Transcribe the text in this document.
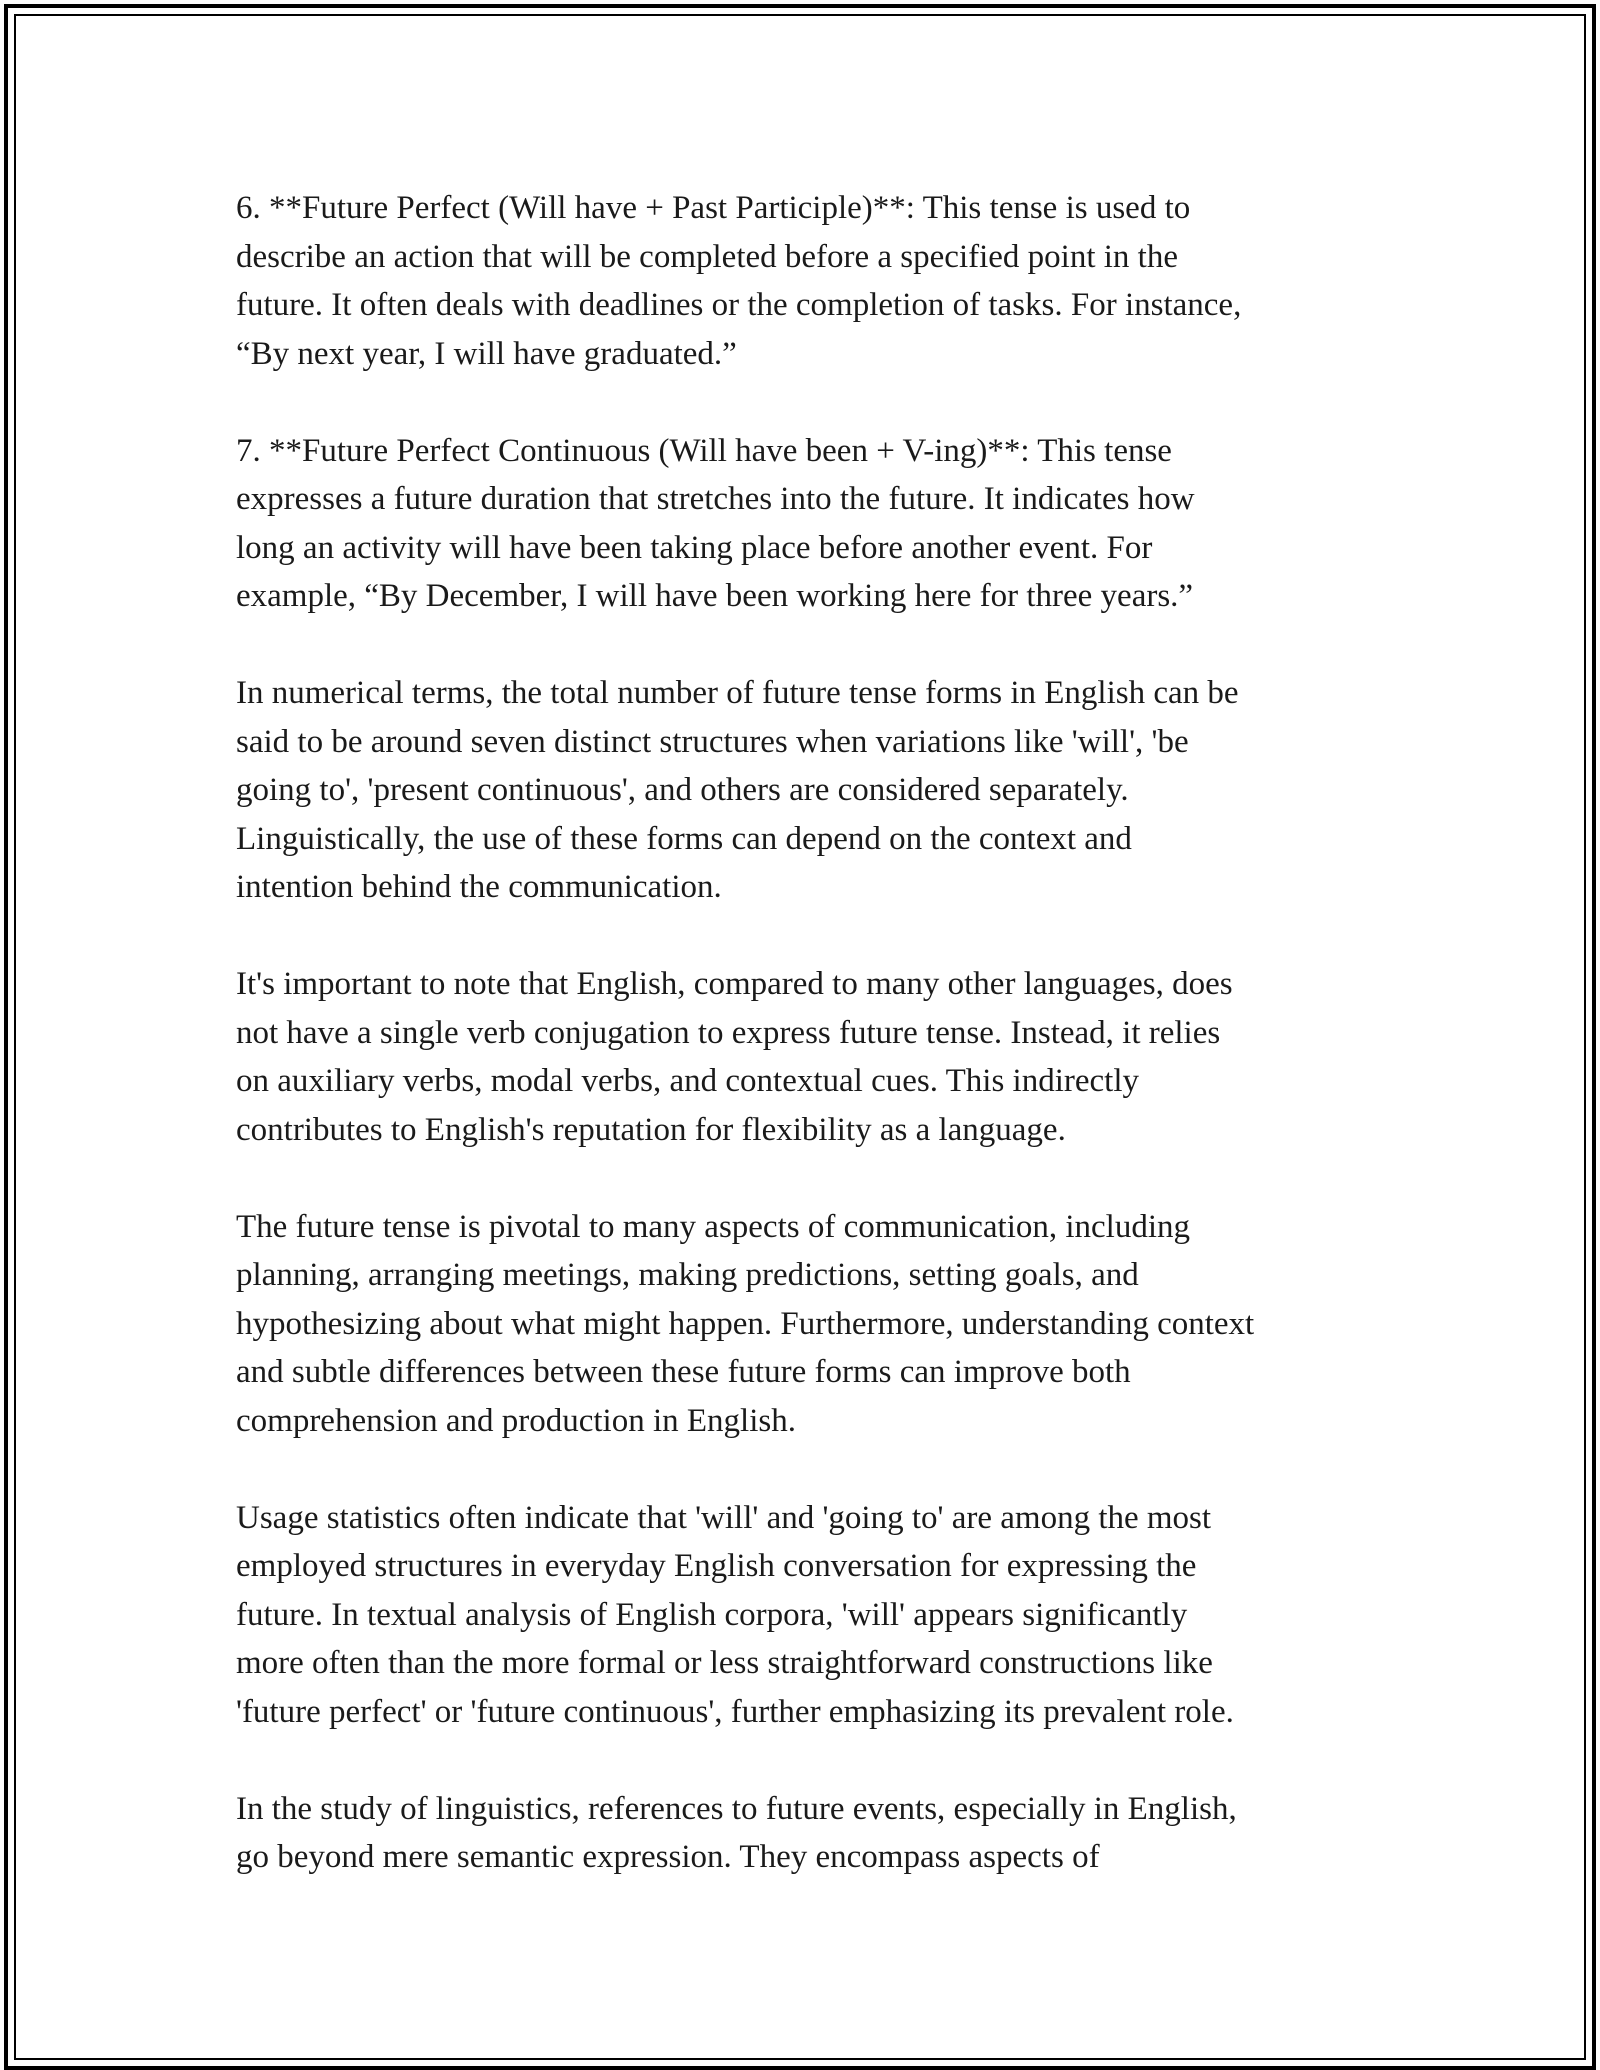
6. **Future Perfect (Will have + Past Participle)**: This tense is used to
describe an action that will be completed before a specified point in the
future. It often deals with deadlines or the completion of tasks. For instance,
“By next year, I will have graduated.”

7. **Future Perfect Continuous (Will have been + V-ing)**: This tense
expresses a future duration that stretches into the future. It indicates how
long an activity will have been taking place before another event. For
example, “By December, I will have been working here for three years.”

In numerical terms, the total number of future tense forms in English can be
said to be around seven distinct structures when variations like 'will', 'be
going to', 'present continuous', and others are considered separately.
Linguistically, the use of these forms can depend on the context and
intention behind the communication.

It's important to note that English, compared to many other languages, does
not have a single verb conjugation to express future tense. Instead, it relies
on auxiliary verbs, modal verbs, and contextual cues. This indirectly
contributes to English's reputation for flexibility as a language.

The future tense is pivotal to many aspects of communication, including
planning, arranging meetings, making predictions, setting goals, and
hypothesizing about what might happen. Furthermore, understanding context
and subtle differences between these future forms can improve both
comprehension and production in English.

Usage statistics often indicate that 'will' and 'going to' are among the most
employed structures in everyday English conversation for expressing the
future. In textual analysis of English corpora, 'will' appears significantly
more often than the more formal or less straightforward constructions like
'future perfect' or 'future continuous', further emphasizing its prevalent role.

In the study of linguistics, references to future events, especially in English,
go beyond mere semantic expression. They encompass aspects of
